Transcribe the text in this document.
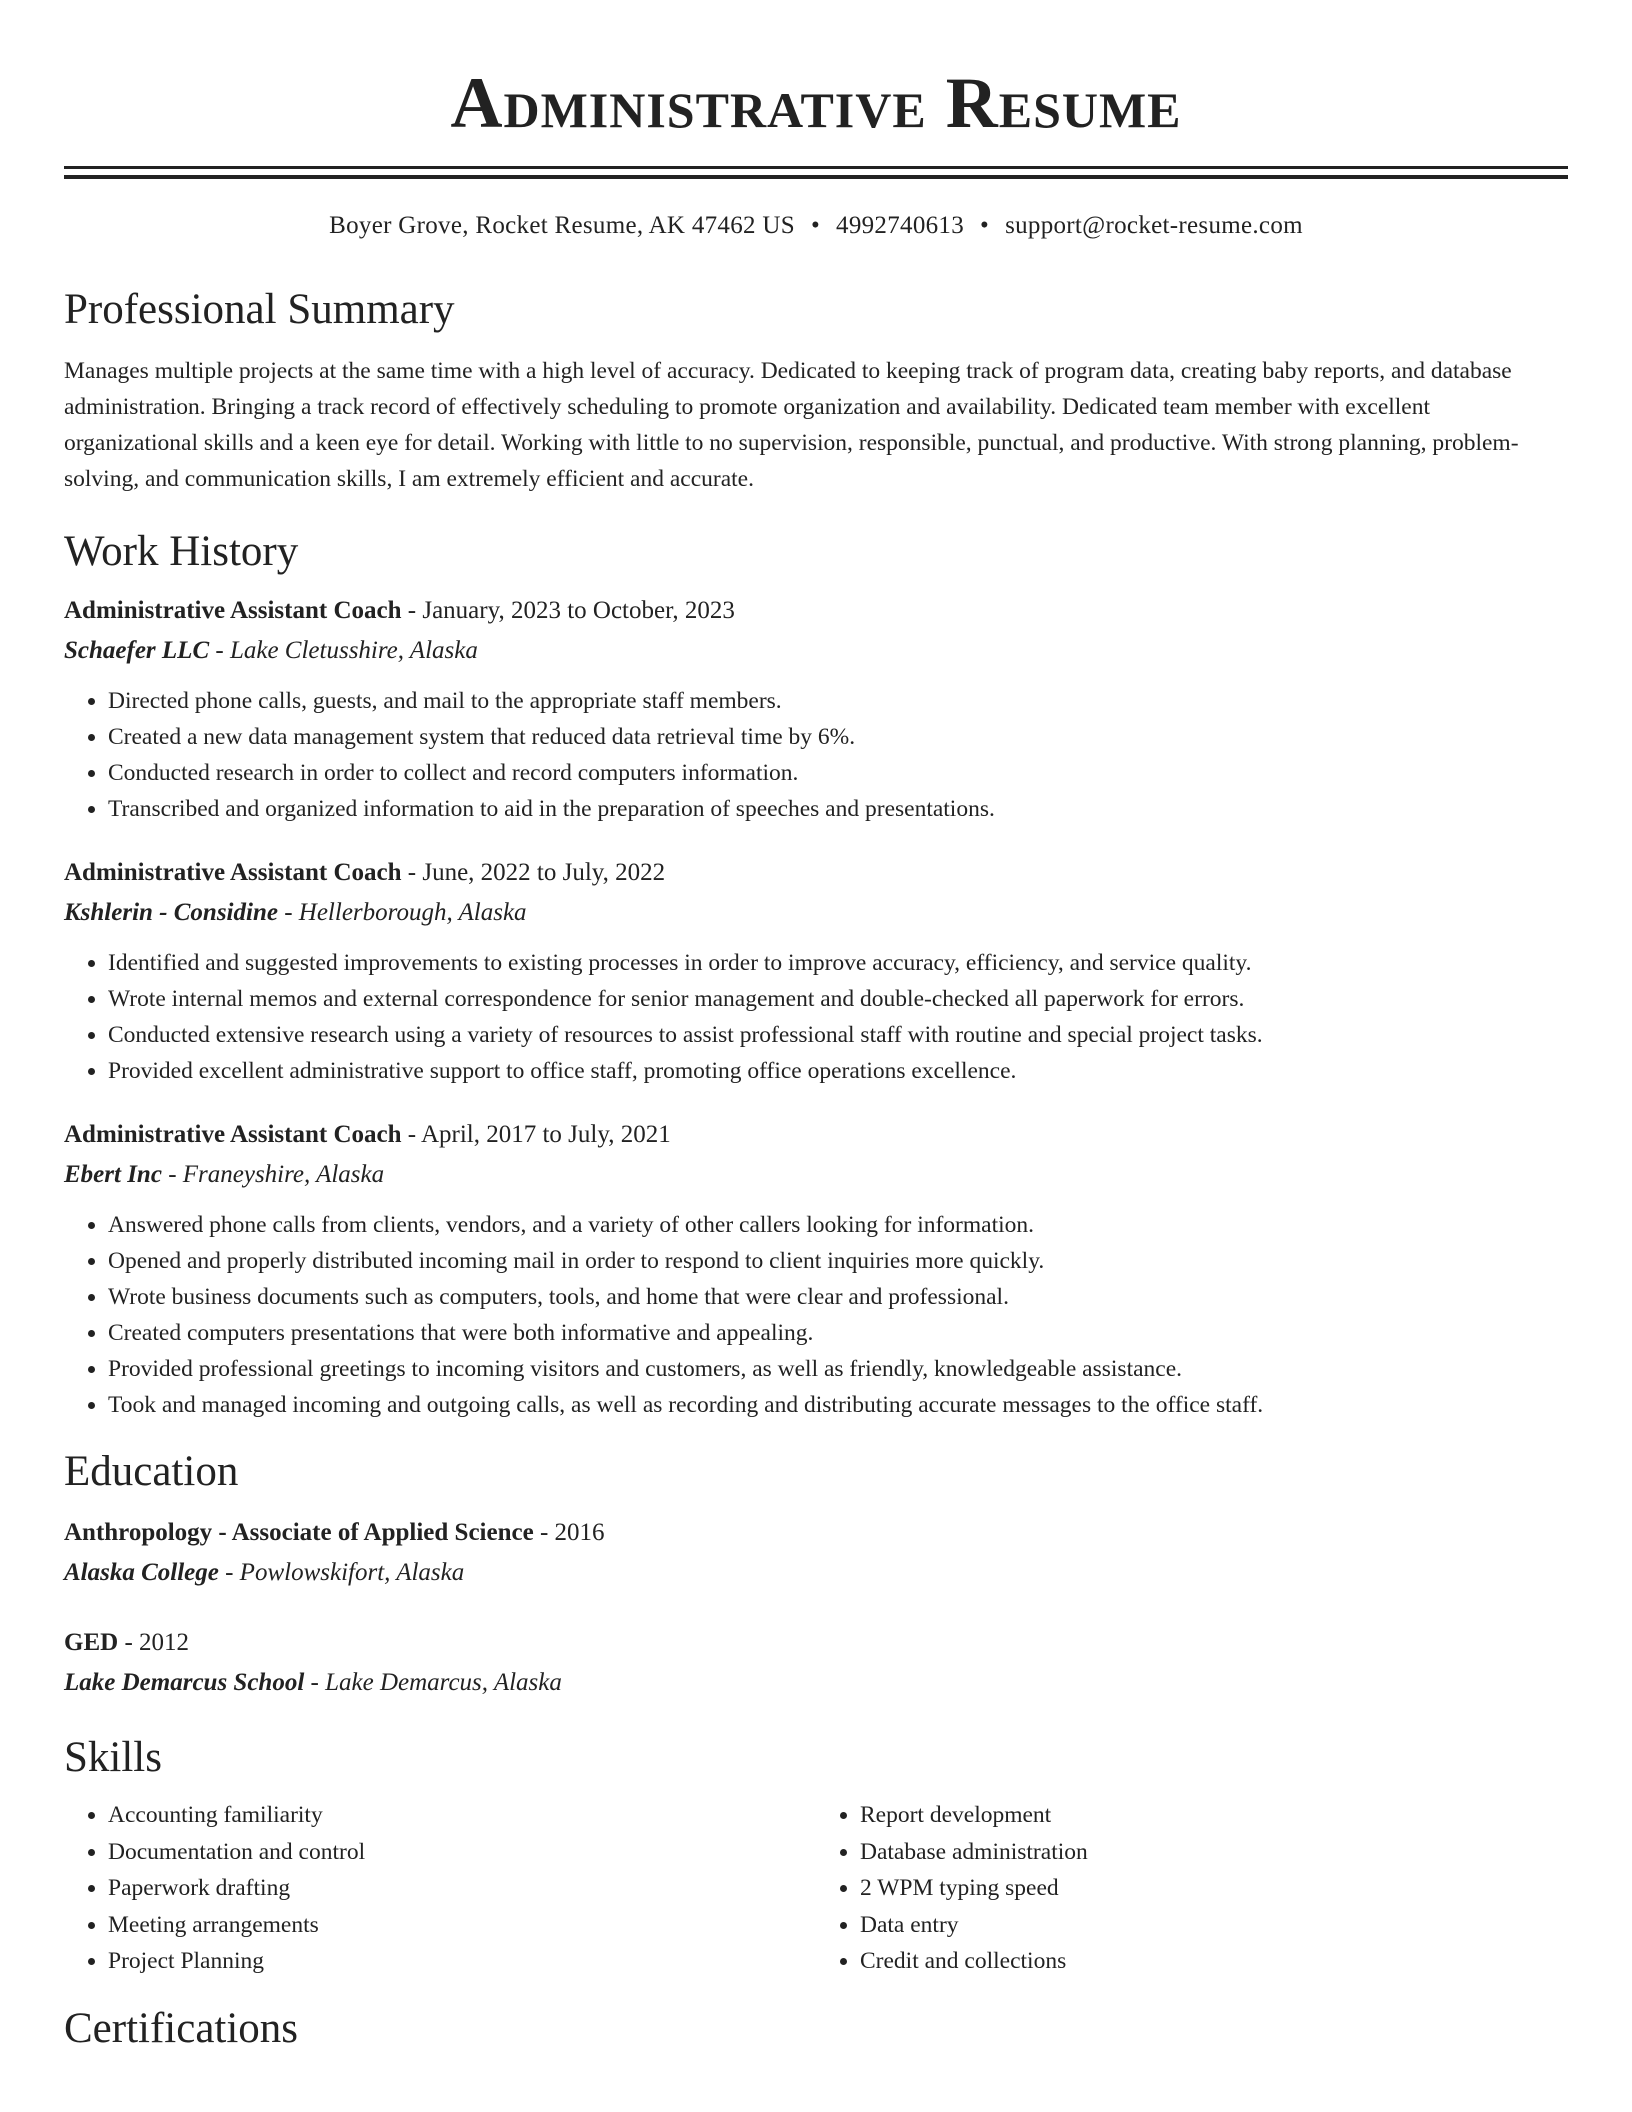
Administrative Resume
Boyer Grove, Rocket Resume, AK 47462 US • 4992740613 • support@rocket-resume.com
Professional Summary

Manages multiple projects at the same time with a high level of accuracy. Dedicated to keeping track of program data, creating baby reports, and database administration. Bringing a track record of effectively scheduling to promote organization and availability. Dedicated team member with excellent organizational skills and a keen eye for detail. Working with little to no supervision, responsible, punctual, and productive. With strong planning, problem-solving, and communication skills, I am extremely efficient and accurate.

Work History
Administrative Assistant Coach - January, 2023 to October, 2023
Schaefer LLC - Lake Cletusshire, Alaska
• Directed phone calls, guests, and mail to the appropriate staff members.
• Created a new data management system that reduced data retrieval time by 6%.
• Conducted research in order to collect and record computers information.
• Transcribed and organized information to aid in the preparation of speeches and presentations.
Administrative Assistant Coach - June, 2022 to July, 2022
Kshlerin - Considine - Hellerborough, Alaska
• Identified and suggested improvements to existing processes in order to improve accuracy, efficiency, and service quality.
• Wrote internal memos and external correspondence for senior management and double-checked all paperwork for errors.
• Conducted extensive research using a variety of resources to assist professional staff with routine and special project tasks.
• Provided excellent administrative support to office staff, promoting office operations excellence.
Administrative Assistant Coach - April, 2017 to July, 2021
Ebert Inc - Franeyshire, Alaska
• Answered phone calls from clients, vendors, and a variety of other callers looking for information.
• Opened and properly distributed incoming mail in order to respond to client inquiries more quickly.
• Wrote business documents such as computers, tools, and home that were clear and professional.
• Created computers presentations that were both informative and appealing.
• Provided professional greetings to incoming visitors and customers, as well as friendly, knowledgeable assistance.
• Took and managed incoming and outgoing calls, as well as recording and distributing accurate messages to the office staff.
Education
Anthropology - Associate of Applied Science - 2016
Alaska College - Powlowskifort, Alaska
GED - 2012
Lake Demarcus School - Lake Demarcus, Alaska
Skills
• Accounting familiarity
• Documentation and control
• Paperwork drafting
• Meeting arrangements
• Project Planning
• Report development
• Database administration
• 2 WPM typing speed
• Data entry
• Credit and collections
Certifications
